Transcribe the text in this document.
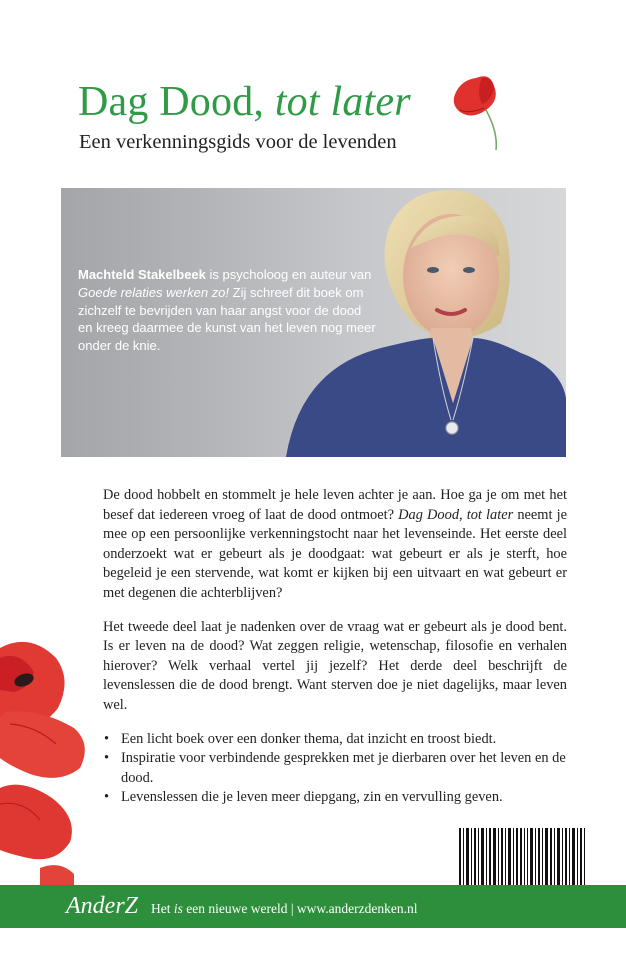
Dag Dood, tot later
Een verkenningsgids voor de levenden
Machteld Stakelbeek is psycholoog en auteur van Goede relaties werken zo! Zij schreef dit boek om zichzelf te bevrijden van haar angst voor de dood en kreeg daarmee de kunst van het leven nog meer onder de knie.

De dood hobbelt en stommelt je hele leven achter je aan. Hoe ga je om met het besef dat iedereen vroeg of laat de dood ontmoet? Dag Dood, tot later neemt je mee op een persoonlijke verkenningstocht naar het levenseinde. Het eerste deel onderzoekt wat er gebeurt als je doodgaat: wat gebeurt er als je sterft, hoe begeleid je een stervende, wat komt er kijken bij een uitvaart en wat gebeurt er met degenen die achterblijven?

Het tweede deel laat je nadenken over de vraag wat er gebeurt als je dood bent. Is er leven na de dood? Wat zeggen religie, wetenschap, filosofie en verhalen hierover? Welk verhaal vertel jij jezelf? Het derde deel beschrijft de levenslessen die de dood brengt. Want sterven doe je niet dagelijks, maar leven wel.

• Een licht boek over een donker thema, dat inzicht en troost biedt.
• Inspiratie voor verbindende gesprekken met je dierbaren over het leven en de dood.
• Levenslessen die je leven meer diepgang, zin en vervulling geven.
AnderZ Het is een nieuwe wereld | www.anderzdenken.nl
